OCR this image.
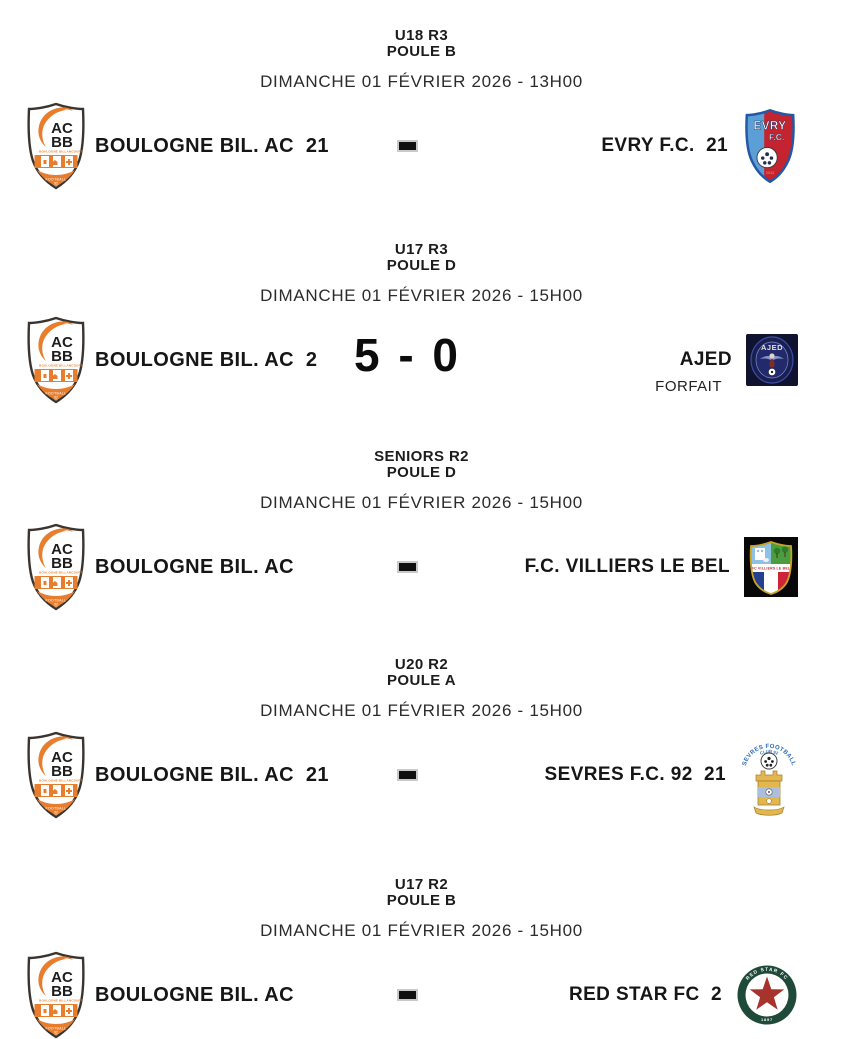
U18 R3
POULE B
DIMANCHE 01 FÉVRIER 2026 - 13H00
BOULOGNE BIL. AC  21	EVRY F.C.  21
U17 R3
POULE D
DIMANCHE 01 FÉVRIER 2026 - 15H00
BOULOGNE BIL. AC  2 5 - 0	AJED
FORFAIT
SENIORS R2
POULE D
DIMANCHE 01 FÉVRIER 2026 - 15H00
BOULOGNE BIL. AC	F.C. VILLIERS LE BEL
U20 R2
POULE A
DIMANCHE 01 FÉVRIER 2026 - 15H00
BOULOGNE BIL. AC  21	SEVRES F.C. 92  21
U17 R2
POULE B
DIMANCHE 01 FÉVRIER 2026 - 15H00
BOULOGNE BIL. AC	RED STAR FC  2
